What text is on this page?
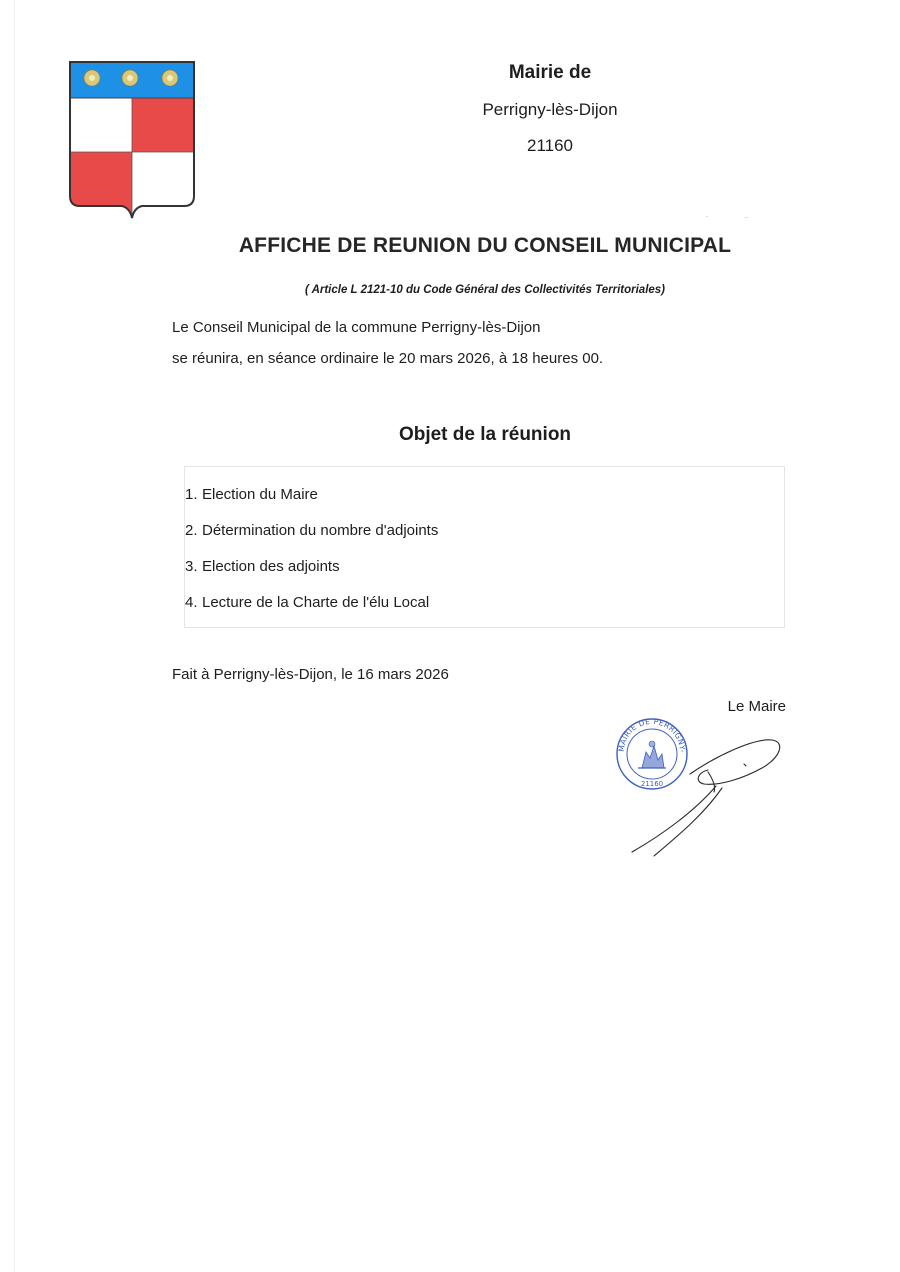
Mairie de
Perrigny-lès-Dijon
21160
AFFICHE DE REUNION DU CONSEIL MUNICIPAL
( Article L 2121-10 du Code Général des Collectivités Territoriales)
Le Conseil Municipal de la commune Perrigny-lès-Dijon
se réunira, en séance ordinaire le 20 mars 2026, à 18 heures 00.
Objet de la réunion
1. Election du Maire
2. Détermination du nombre d'adjoints
3. Election des adjoints
4. Lecture de la Charte de l'élu Local
Fait à Perrigny-lès-Dijon, le 16 mars 2026
Le Maire
MAIRIE DE PERRIGNY-
21160
